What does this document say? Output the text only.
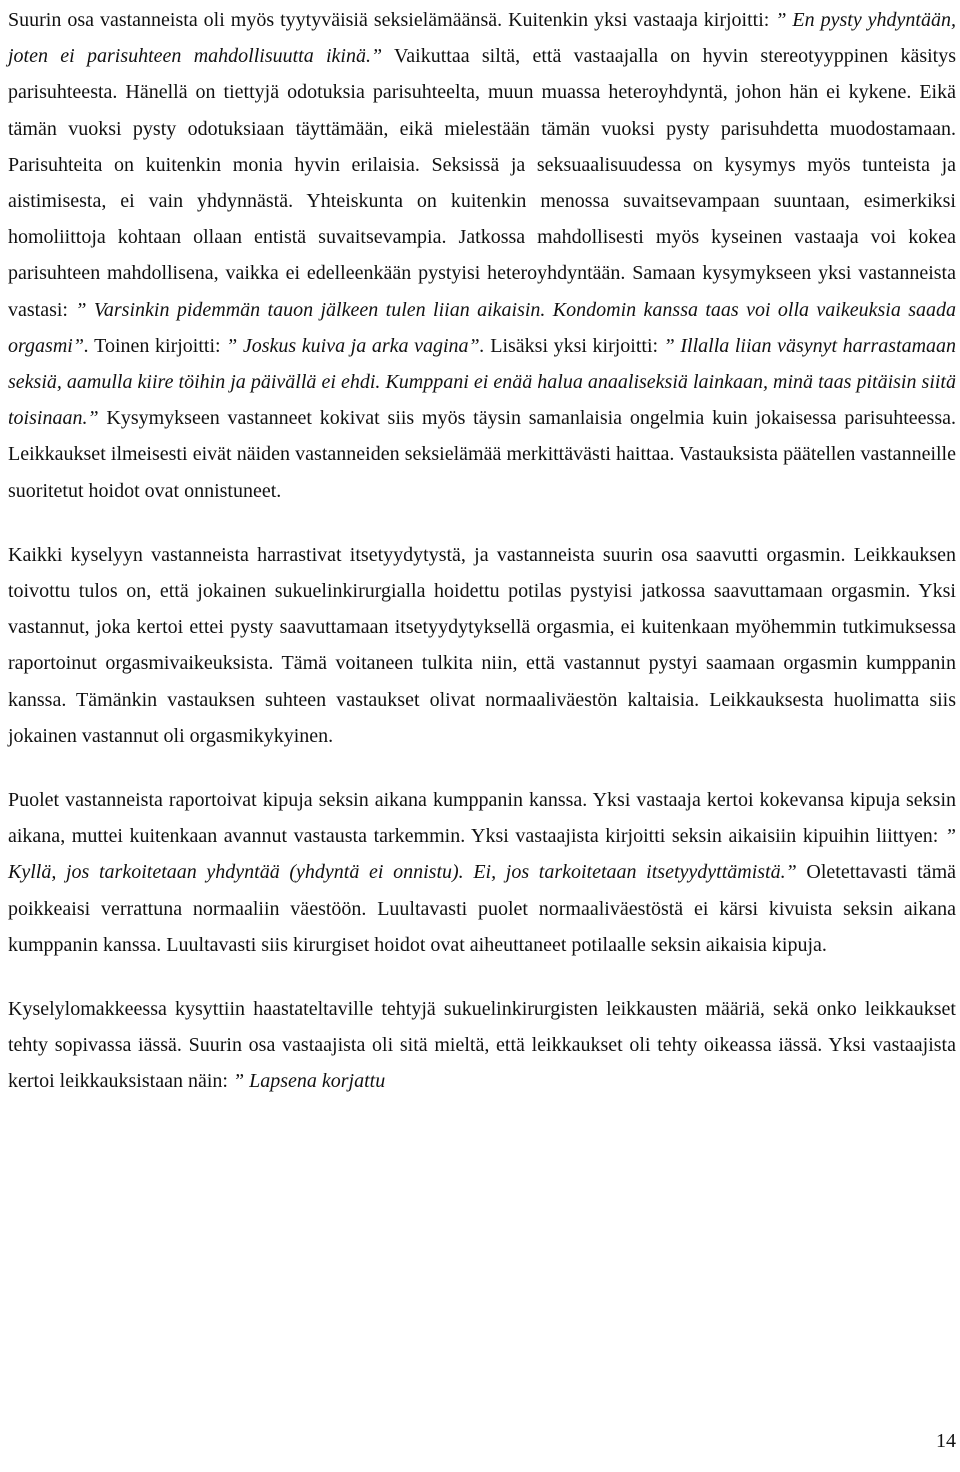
Suurin osa vastanneista oli myös tyytyväisiä seksielämäänsä. Kuitenkin yksi vastaaja kirjoitti: ” En pysty yhdyntään, joten ei parisuhteen mahdollisuutta ikinä.” Vaikuttaa siltä, että vastaajalla on hyvin stereotyyppinen käsitys parisuhteesta. Hänellä on tiettyjä odotuksia parisuhteelta, muun muassa heteroyhdyntä, johon hän ei kykene. Eikä tämän vuoksi pysty odotuksiaan täyttämään, eikä mielestään tämän vuoksi pysty parisuhdetta muodostamaan. Parisuhteita on kuitenkin monia hyvin erilaisia. Seksissä ja seksuaalisuudessa on kysymys myös tunteista ja aistimisesta, ei vain yhdynnästä. Yhteiskunta on kuitenkin menossa suvaitsevampaan suuntaan, esimerkiksi homoliittoja kohtaan ollaan entistä suvaitsevampia. Jatkossa mahdollisesti myös kyseinen vastaaja voi kokea parisuhteen mahdollisena, vaikka ei edelleenkään pystyisi heteroyhdyntään. Samaan kysymykseen yksi vastanneista vastasi: ” Varsinkin pidemmän tauon jälkeen tulen liian aikaisin. Kondomin kanssa taas voi olla vaikeuksia saada orgasmi”. Toinen kirjoitti: ” Joskus kuiva ja arka vagina”. Lisäksi yksi kirjoitti: ” Illalla liian väsynyt harrastamaan seksiä, aamulla kiire töihin ja päivällä ei ehdi. Kumppani ei enää halua anaaliseksiä lainkaan, minä taas pitäisin siitä toisinaan.” Kysymykseen vastanneet kokivat siis myös täysin samanlaisia ongelmia kuin jokaisessa parisuhteessa. Leikkaukset ilmeisesti eivät näiden vastanneiden seksielämää merkittävästi haittaa. Vastauksista päätellen vastanneille suoritetut hoidot ovat onnistuneet.
Kaikki kyselyyn vastanneista harrastivat itsetyydytystä, ja vastanneista suurin osa saavutti orgasmin. Leikkauksen toivottu tulos on, että jokainen sukuelinkirurgialla hoidettu potilas pystyisi jatkossa saavuttamaan orgasmin. Yksi vastannut, joka kertoi ettei pysty saavuttamaan itsetyydytyksellä orgasmia, ei kuitenkaan myöhemmin tutkimuksessa raportoinut orgasmivaikeuksista. Tämä voitaneen tulkita niin, että vastannut pystyi saamaan orgasmin kumppanin kanssa. Tämänkin vastauksen suhteen vastaukset olivat normaaliväestön kaltaisia. Leikkauksesta huolimatta siis jokainen vastannut oli orgasmikykyinen.
Puolet vastanneista raportoivat kipuja seksin aikana kumppanin kanssa. Yksi vastaaja kertoi kokevansa kipuja seksin aikana, muttei kuitenkaan avannut vastausta tarkemmin. Yksi vastaajista kirjoitti seksin aikaisiin kipuihin liittyen: ” Kyllä, jos tarkoitetaan yhdyntää (yhdyntä ei onnistu). Ei, jos tarkoitetaan itsetyydyttämistä.” Oletettavasti tämä poikkeaisi verrattuna normaaliin väestöön. Luultavasti puolet normaaliväestöstä ei kärsi kivuista seksin aikana kumppanin kanssa. Luultavasti siis kirurgiset hoidot ovat aiheuttaneet potilaalle seksin aikaisia kipuja.
Kyselylomakkeessa kysyttiin haastateltaville tehtyjä sukuelinkirurgisten leikkausten määriä, sekä onko leikkaukset tehty sopivassa iässä. Suurin osa vastaajista oli sitä mieltä, että leikkaukset oli tehty oikeassa iässä. Yksi vastaajista kertoi leikkauksistaan näin: ” Lapsena korjattu
14
